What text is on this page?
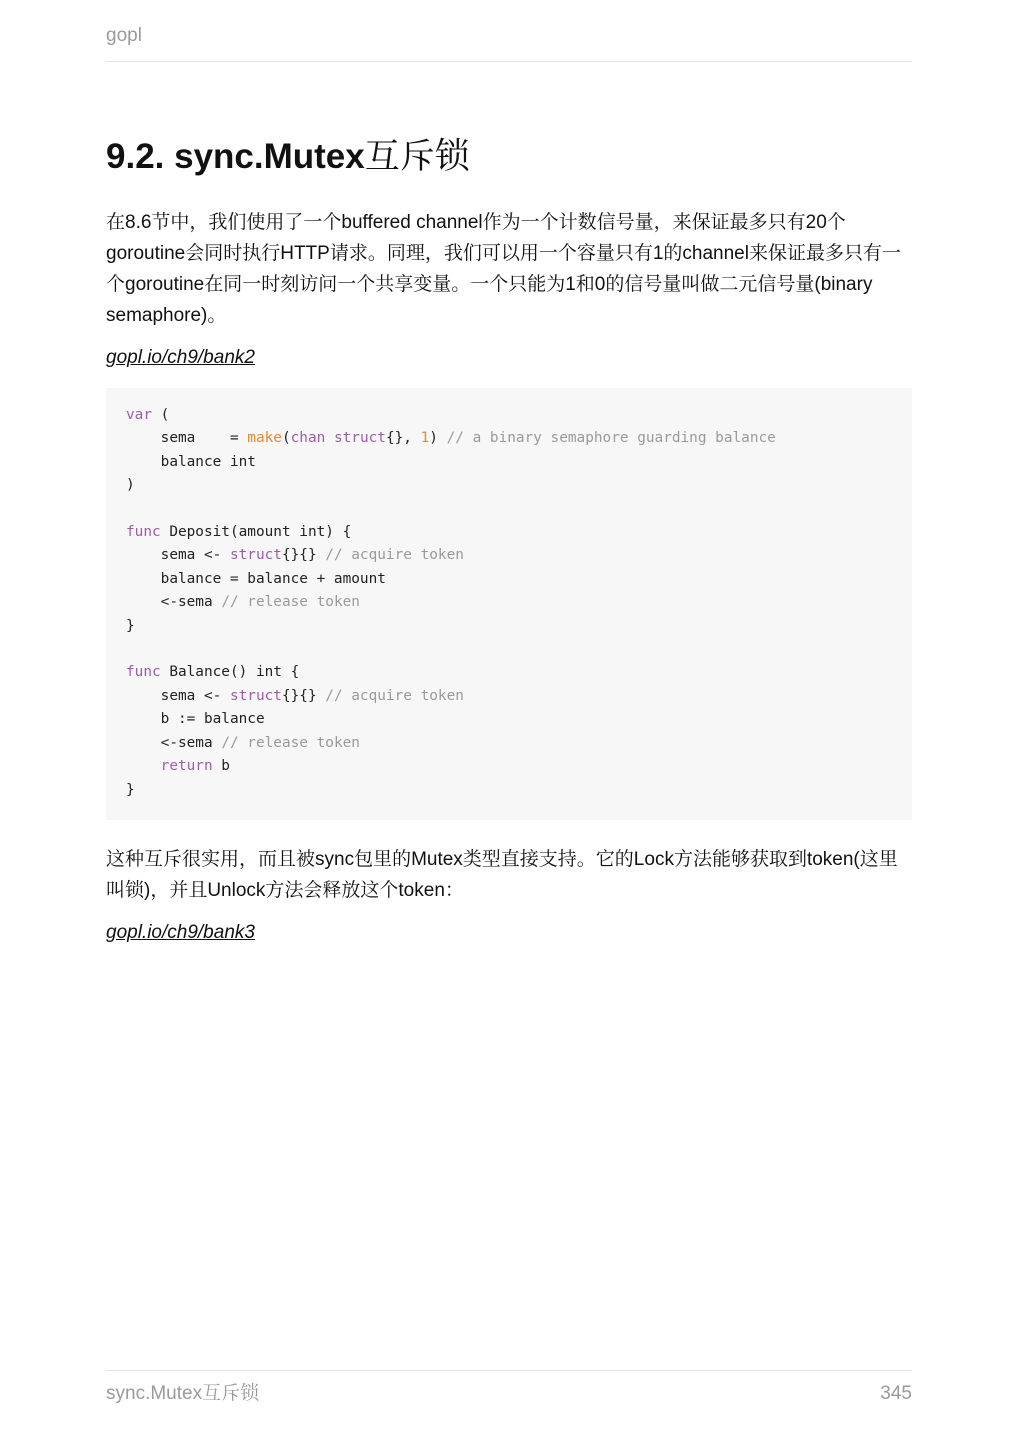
gopl
9.2. sync.Mutex互斥锁

在8.6节中，我们使用了一个buffered channel作为一个计数信号量，来保证最多只有20个goroutine会同时执行HTTP请求。同理，我们可以用一个容量只有1的channel来保证最多只有一个goroutine在同一时刻访问一个共享变量。一个只能为1和0的信号量叫做二元信号量(binary semaphore)。

gopl.io/ch9/bank2
var (
sema    = make(chan struct{}, 1) // a binary semaphore guarding balance
balance int
)
func Deposit(amount int) {
sema <- struct{}{} // acquire token
balance = balance + amount
<-sema // release token
}
func Balance() int {
sema <- struct{}{} // acquire token
b := balance
<-sema // release token
return b
}

这种互斥很实用，而且被sync包里的Mutex类型直接支持。它的Lock方法能够获取到token(这里叫锁)，并且Unlock方法会释放这个token：

gopl.io/ch9/bank3
sync.Mutex互斥锁	345
